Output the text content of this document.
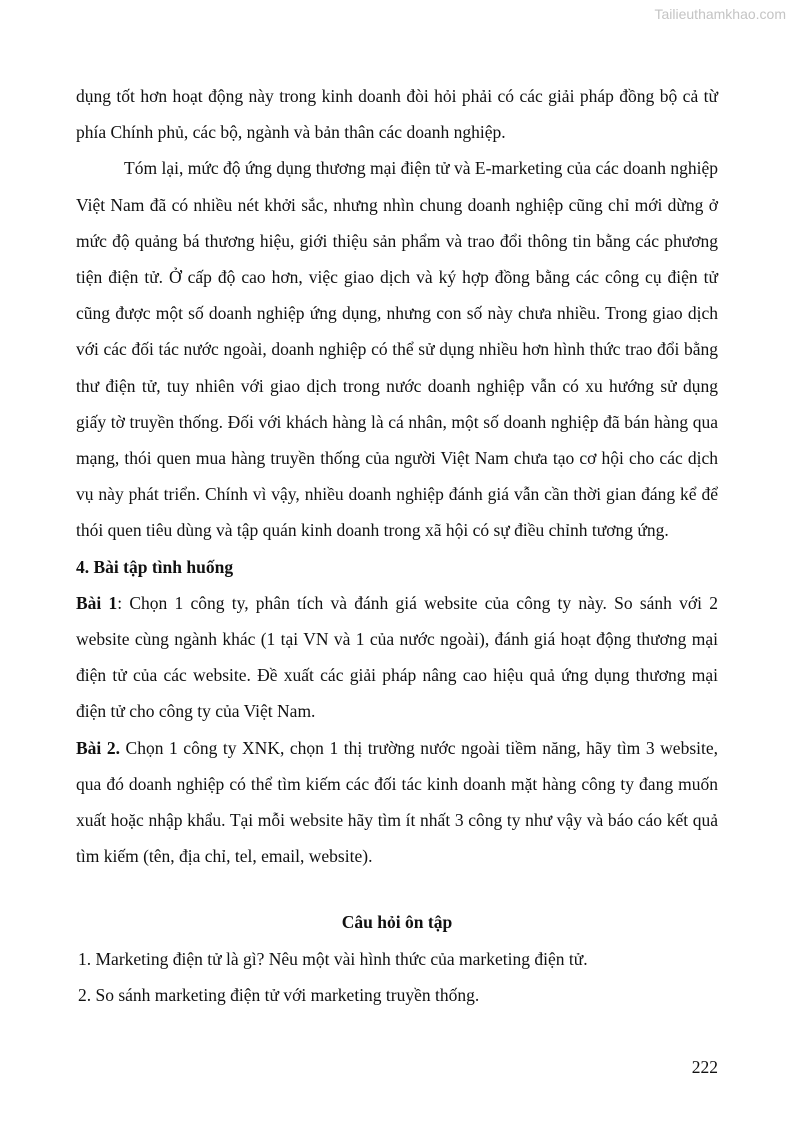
Tailieuthamkhao.com

dụng tốt hơn hoạt động này trong kinh doanh đòi hỏi phải có các giải pháp đồng bộ cả từ phía Chính phủ, các bộ, ngành và bản thân các doanh nghiệp.

Tóm lại, mức độ ứng dụng thương mại điện tử và E-marketing của các doanh nghiệp Việt Nam đã có nhiều nét khởi sắc, nhưng nhìn chung doanh nghiệp cũng chỉ mới dừng ở mức độ quảng bá thương hiệu, giới thiệu sản phẩm và trao đổi thông tin bằng các phương tiện điện tử. Ở cấp độ cao hơn, việc giao dịch và ký hợp đồng bằng các công cụ điện tử cũng được một số doanh nghiệp ứng dụng, nhưng con số này chưa nhiều. Trong giao dịch với các đối tác nước ngoài, doanh nghiệp có thể sử dụng nhiều hơn hình thức trao đổi bằng thư điện tử, tuy nhiên với giao dịch trong nước doanh nghiệp vẫn có xu hướng sử dụng giấy tờ truyền thống. Đối với khách hàng là cá nhân, một số doanh nghiệp đã bán hàng qua mạng, thói quen mua hàng truyền thống của người Việt Nam chưa tạo cơ hội cho các dịch vụ này phát triển. Chính vì vậy, nhiều doanh nghiệp đánh giá vẫn cần thời gian đáng kể để thói quen tiêu dùng và tập quán kinh doanh trong xã hội có sự điều chỉnh tương ứng.

4. Bài tập tình huống

Bài 1: Chọn 1 công ty, phân tích và đánh giá website của công ty này. So sánh với 2 website cùng ngành khác (1 tại VN và 1 của nước ngoài), đánh giá hoạt động thương mại điện tử của các website. Đề xuất các giải pháp nâng cao hiệu quả ứng dụng thương mại điện tử cho công ty của Việt Nam.

Bài 2. Chọn 1 công ty XNK, chọn 1 thị trường nước ngoài tiềm năng, hãy tìm 3 website, qua đó doanh nghiệp có thể tìm kiếm các đối tác kinh doanh mặt hàng công ty đang muốn xuất hoặc nhập khẩu. Tại mỗi website hãy tìm ít nhất 3 công ty như vậy và báo cáo kết quả tìm kiếm (tên, địa chỉ, tel, email, website).

Câu hỏi ôn tập

1. Marketing điện tử là gì? Nêu một vài hình thức của marketing điện tử.

2. So sánh marketing điện tử với marketing truyền thống.

222
